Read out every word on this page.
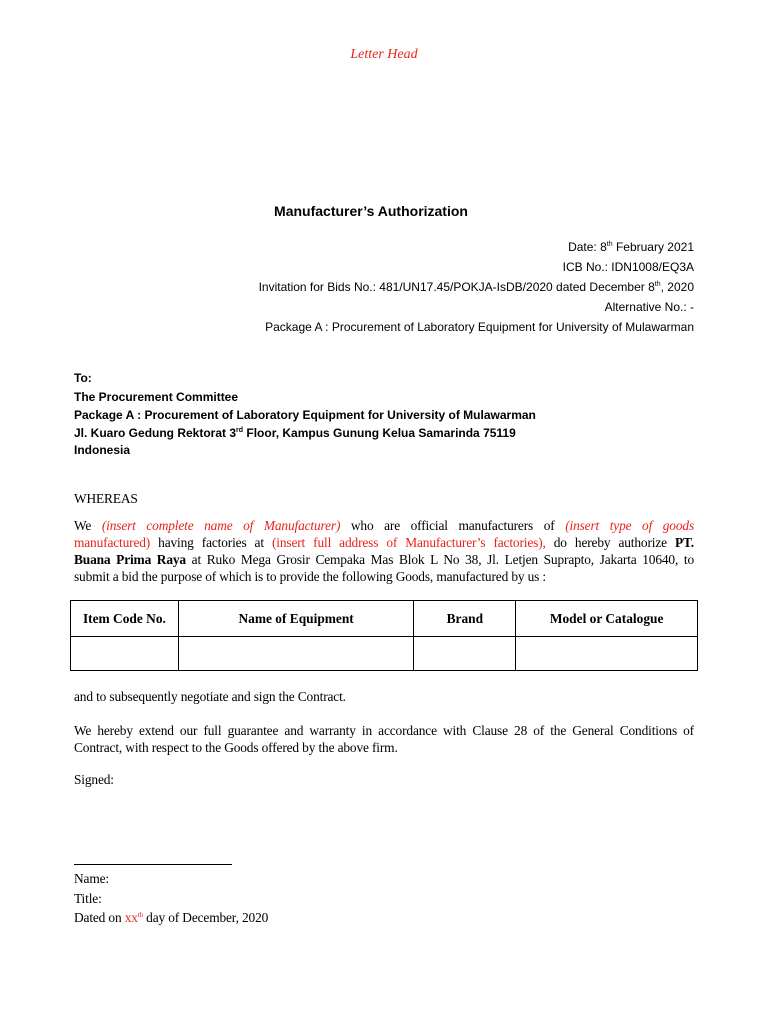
Letter Head
Manufacturer’s Authorization
Date: 8th February 2021
ICB No.: IDN1008/EQ3A
Invitation for Bids No.: 481/UN17.45/POKJA-IsDB/2020 dated December 8th, 2020
Alternative No.: -
Package A : Procurement of Laboratory Equipment for University of Mulawarman
To:
The Procurement Committee
Package A : Procurement of Laboratory Equipment for University of Mulawarman
Jl. Kuaro Gedung Rektorat 3rd Floor, Kampus Gunung Kelua Samarinda 75119
Indonesia
WHEREAS
We (insert complete name of Manufacturer) who are official manufacturers of (insert type of goods
manufactured) having factories at (insert full address of Manufacturer’s factories), do hereby authorize PT.
Buana Prima Raya at Ruko Mega Grosir Cempaka Mas Blok L No 38, Jl. Letjen Suprapto, Jakarta 10640, to
submit a bid the purpose of which is to provide the following Goods, manufactured by us :
Item Code No.	Name of Equipment	Brand	Model or Catalogue

and to subsequently negotiate and sign the Contract.
We hereby extend our full guarantee and warranty in accordance with Clause 28 of the General Conditions of
Contract, with respect to the Goods offered by the above firm.
Signed:
Name:
Title:
Dated on $xx^{th}$ day of December, 2020
